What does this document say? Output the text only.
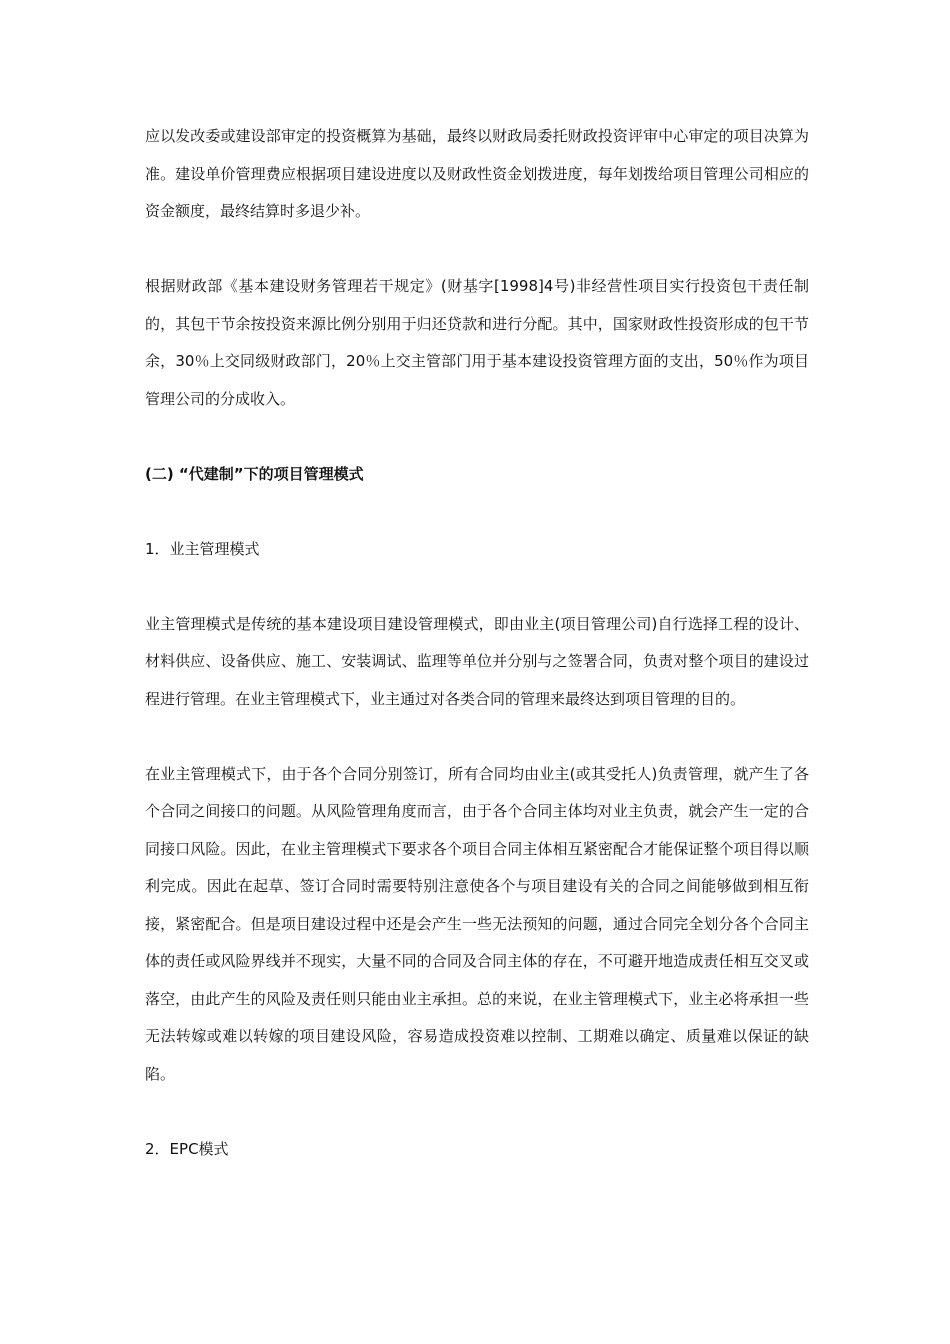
应以发改委或建设部审定的投资概算为基础，最终以财政局委托财政投资评审中心审定的项目决算为准。建设单价管理费应根据项目建设进度以及财政性资金划拨进度，每年划拨给项目管理公司相应的资金额度，最终结算时多退少补。

根据财政部《基本建设财务管理若干规定》(财基字[1998]4号)非经营性项目实行投资包干责任制的，其包干节余按投资来源比例分别用于归还贷款和进行分配。其中，国家财政性投资形成的包干节余，30％上交同级财政部门，20％上交主管部门用于基本建设投资管理方面的支出，50％作为项目管理公司的分成收入。

(二) “代建制”下的项目管理模式

1．业主管理模式

业主管理模式是传统的基本建设项目建设管理模式，即由业主(项目管理公司)自行选择工程的设计、材料供应、设备供应、施工、安装调试、监理等单位并分别与之签署合同，负责对整个项目的建设过程进行管理。在业主管理模式下，业主通过对各类合同的管理来最终达到项目管理的目的。

在业主管理模式下，由于各个合同分别签订，所有合同均由业主(或其受托人)负责管理，就产生了各个合同之间接口的问题。从风险管理角度而言，由于各个合同主体均对业主负责，就会产生一定的合同接口风险。因此，在业主管理模式下要求各个项目合同主体相互紧密配合才能保证整个项目得以顺利完成。因此在起草、签订合同时需要特别注意使各个与项目建设有关的合同之间能够做到相互衔接，紧密配合。但是项目建设过程中还是会产生一些无法预知的问题，通过合同完全划分各个合同主体的责任或风险界线并不现实，大量不同的合同及合同主体的存在，不可避开地造成责任相互交叉或落空，由此产生的风险及责任则只能由业主承担。总的来说，在业主管理模式下，业主必将承担一些无法转嫁或难以转嫁的项目建设风险，容易造成投资难以控制、工期难以确定、质量难以保证的缺陷。

2．EPC模式
